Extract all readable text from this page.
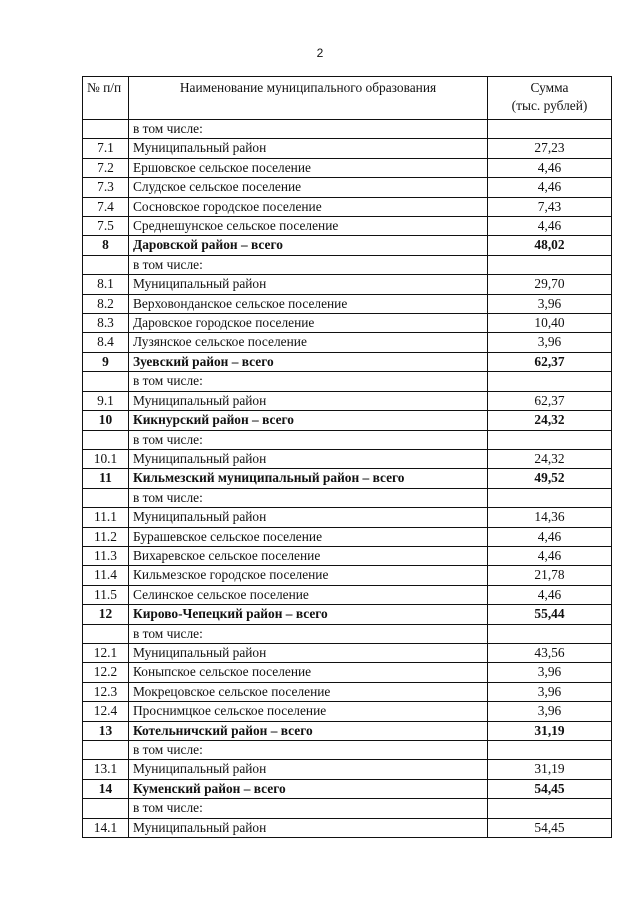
2
№ п/п	Наименование муниципального образования	Сумма
(тыс. рублей)

	в том числе:	
7.1	Муниципальный район	27,23
7.2	Ершовское сельское поселение	4,46
7.3	Слудское сельское поселение	4,46
7.4	Сосновское городское поселение	7,43
7.5	Среднешунское сельское поселение	4,46
8	Даровской район – всего	48,02
	в том числе:	
8.1	Муниципальный район	29,70
8.2	Верховонданское сельское поселение	3,96
8.3	Даровское городское поселение	10,40
8.4	Лузянское сельское поселение	3,96
9	Зуевский район – всего	62,37
	в том числе:	
9.1	Муниципальный район	62,37
10	Кикнурский район – всего	24,32
	в том числе:	
10.1	Муниципальный район	24,32
11	Кильмезский муниципальный район – всего	49,52
	в том числе:	
11.1	Муниципальный район	14,36
11.2	Бурашевское сельское поселение	4,46
11.3	Вихаревское сельское поселение	4,46
11.4	Кильмезское городское поселение	21,78
11.5	Селинское сельское поселение	4,46
12	Кирово-Чепецкий район – всего	55,44
	в том числе:	
12.1	Муниципальный район	43,56
12.2	Коныпское сельское поселение	3,96
12.3	Мокрецовское сельское поселение	3,96
12.4	Проснимцкое сельское поселение	3,96
13	Котельничский район – всего	31,19
	в том числе:	
13.1	Муниципальный район	31,19
14	Куменский район – всего	54,45
	в том числе:	
14.1	Муниципальный район	54,45
